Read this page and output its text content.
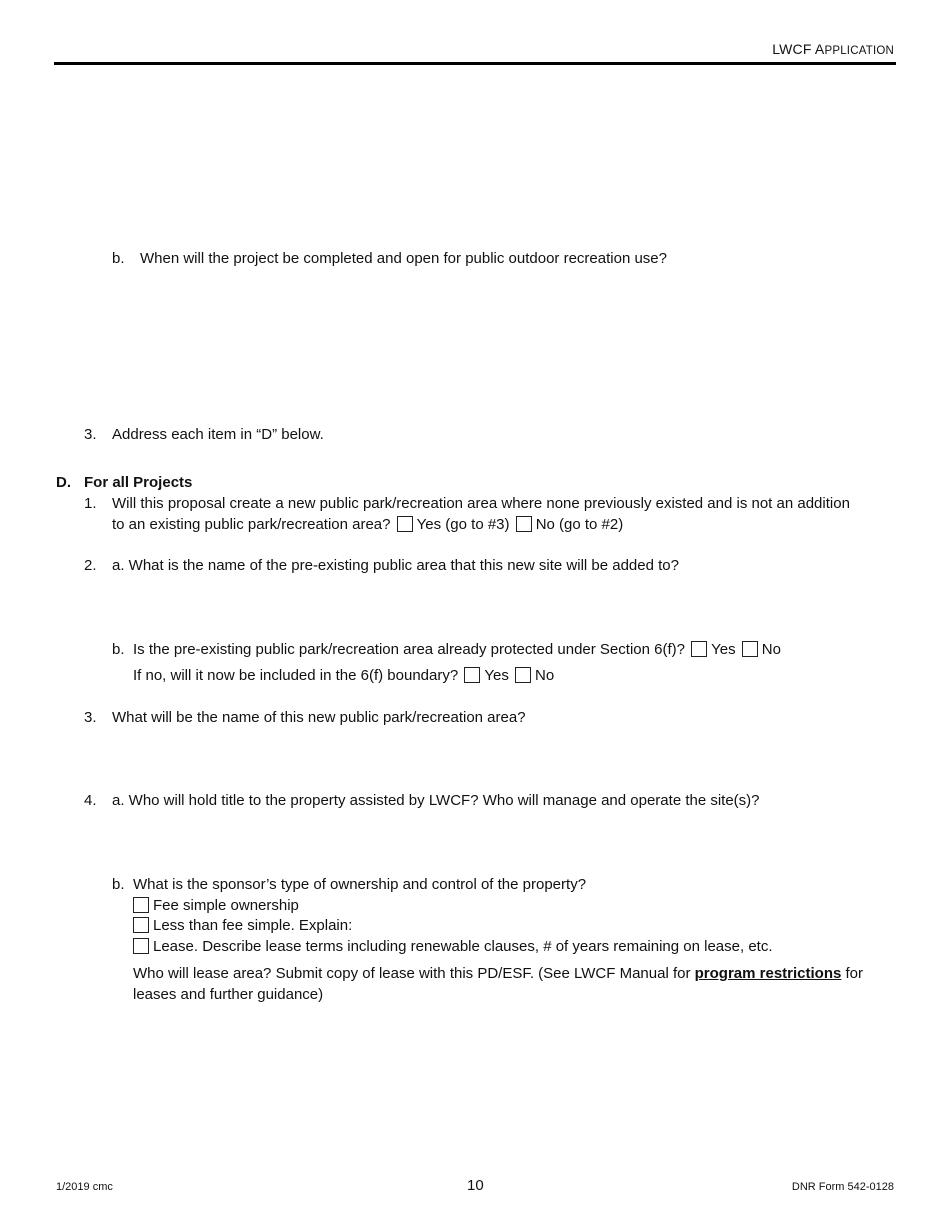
LWCF APPLICATION
b. When will the project be completed and open for public outdoor recreation use?
3. Address each item in “D” below.
D. For all Projects
1. Will this proposal create a new public park/recreation area where none previously existed and is not an addition
to an existing public park/recreation area? Yes (go to #3) No (go to #2)
2. a. What is the name of the pre-existing public area that this new site will be added to?
b. Is the pre-existing public park/recreation area already protected under Section 6(f)? Yes No
If no, will it now be included in the 6(f) boundary? Yes No
3. What will be the name of this new public park/recreation area?
4. a. Who will hold title to the property assisted by LWCF? Who will manage and operate the site(s)?
b. What is the sponsor’s type of ownership and control of the property?
Fee simple ownership
Less than fee simple. Explain:
Lease. Describe lease terms including renewable clauses, # of years remaining on lease, etc.
Who will lease area? Submit copy of lease with this PD/ESF. (See LWCF Manual for program restrictions for
leases and further guidance)
1/2019 cmc	10	DNR Form 542-0128
